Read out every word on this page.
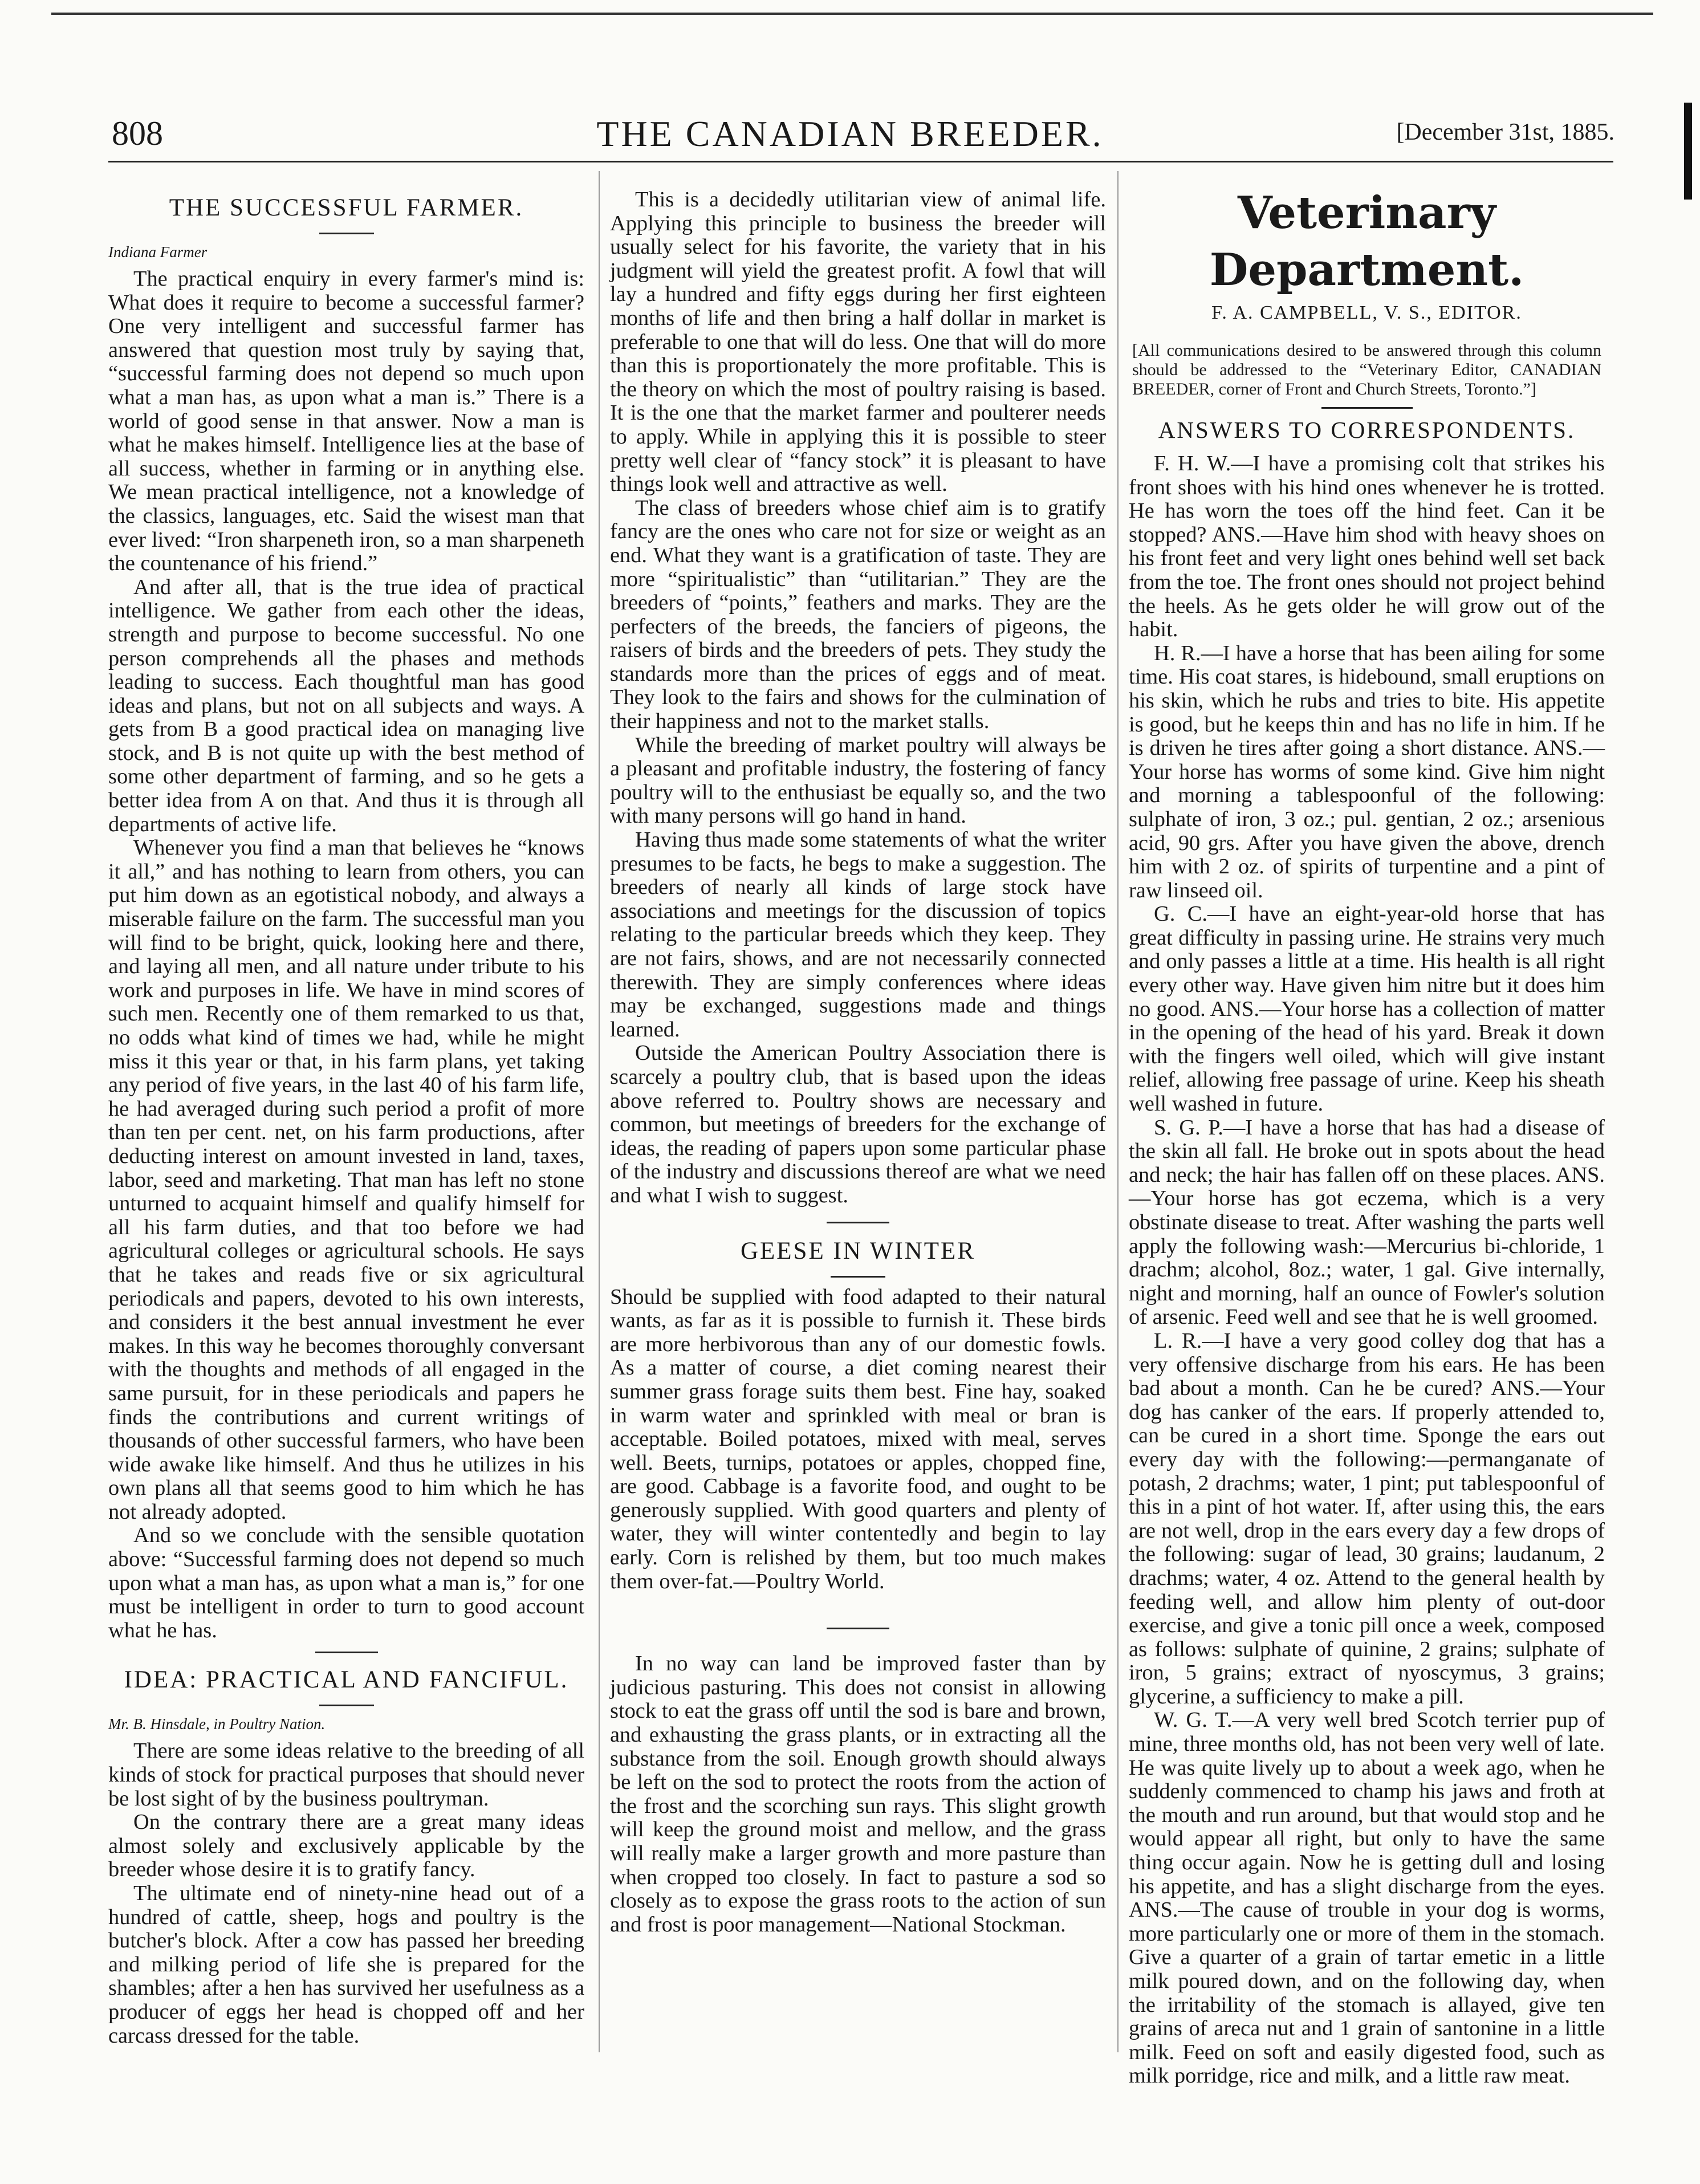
808	THE CANADIAN BREEDER.	[December 31st, 1885.
THE SUCCESSFUL FARMER.

Indiana Farmer

The practical enquiry in every farmer's mind is: What does it require to become a successful farmer? One very intelligent and successful farmer has answered that question most truly by saying that, “successful farming does not depend so much upon what a man has, as upon what a man is.” There is a world of good sense in that answer. Now a man is what he makes himself. Intelligence lies at the base of all success, whether in farming or in anything else. We mean practical intelligence, not a knowledge of the classics, languages, etc. Said the wisest man that ever lived: “Iron sharpeneth iron, so a man sharpeneth the countenance of his friend.”

And after all, that is the true idea of practical intelligence. We gather from each other the ideas, strength and purpose to become successful. No one person comprehends all the phases and methods leading to success. Each thoughtful man has good ideas and plans, but not on all subjects and ways. A gets from B a good practical idea on managing live stock, and B is not quite up with the best method of some other department of farming, and so he gets a better idea from A on that. And thus it is through all departments of active life.

Whenever you find a man that believes he “knows it all,” and has nothing to learn from others, you can put him down as an egotistical nobody, and always a miserable failure on the farm. The successful man you will find to be bright, quick, looking here and there, and laying all men, and all nature under tribute to his work and purposes in life. We have in mind scores of such men. Recently one of them remarked to us that, no odds what kind of times we had, while he might miss it this year or that, in his farm plans, yet taking any period of five years, in the last 40 of his farm life, he had averaged during such period a profit of more than ten per cent. net, on his farm productions, after deducting interest on amount invested in land, taxes, labor, seed and marketing. That man has left no stone unturned to acquaint himself and qualify himself for all his farm duties, and that too before we had agricultural colleges or agricultural schools. He says that he takes and reads five or six agricultural periodicals and papers, devoted to his own interests, and considers it the best annual investment he ever makes. In this way he becomes thoroughly conversant with the thoughts and methods of all engaged in the same pursuit, for in these periodicals and papers he finds the contributions and current writings of thousands of other successful farmers, who have been wide awake like himself. And thus he utilizes in his own plans all that seems good to him which he has not already adopted.

And so we conclude with the sensible quotation above: “Successful farming does not depend so much upon what a man has, as upon what a man is,” for one must be intelligent in order to turn to good account what he has.

IDEA: PRACTICAL AND FANCIFUL.

Mr. B. Hinsdale, in Poultry Nation.

There are some ideas relative to the breeding of all kinds of stock for practical purposes that should never be lost sight of by the business poultryman.

On the contrary there are a great many ideas almost solely and exclusively applicable by the breeder whose desire it is to gratify fancy.

The ultimate end of ninety-nine head out of a hundred of cattle, sheep, hogs and poultry is the butcher's block. After a cow has passed her breeding and milking period of life she is prepared for the shambles; after a hen has survived her usefulness as a producer of eggs her head is chopped off and her carcass dressed for the table.

This is a decidedly utilitarian view of animal life. Applying this principle to business the breeder will usually select for his favorite, the variety that in his judgment will yield the greatest profit. A fowl that will lay a hundred and fifty eggs during her first eighteen months of life and then bring a half dollar in market is preferable to one that will do less. One that will do more than this is proportionately the more profitable. This is the theory on which the most of poultry raising is based. It is the one that the market farmer and poulterer needs to apply. While in applying this it is possible to steer pretty well clear of “fancy stock” it is pleasant to have things look well and attractive as well.

The class of breeders whose chief aim is to gratify fancy are the ones who care not for size or weight as an end. What they want is a gratification of taste. They are more “spiritualistic” than “utilitarian.” They are the breeders of “points,” feathers and marks. They are the perfecters of the breeds, the fanciers of pigeons, the raisers of birds and the breeders of pets. They study the standards more than the prices of eggs and of meat. They look to the fairs and shows for the culmination of their happiness and not to the market stalls.

While the breeding of market poultry will always be a pleasant and profitable industry, the fostering of fancy poultry will to the enthusiast be equally so, and the two with many persons will go hand in hand.

Having thus made some statements of what the writer presumes to be facts, he begs to make a suggestion. The breeders of nearly all kinds of large stock have associations and meetings for the discussion of topics relating to the particular breeds which they keep. They are not fairs, shows, and are not necessarily connected therewith. They are simply conferences where ideas may be exchanged, suggestions made and things learned.

Outside the American Poultry Association there is scarcely a poultry club, that is based upon the ideas above referred to. Poultry shows are necessary and common, but meetings of breeders for the exchange of ideas, the reading of papers upon some particular phase of the industry and discussions thereof are what we need and what I wish to suggest.

GEESE IN WINTER

Should be supplied with food adapted to their natural wants, as far as it is possible to furnish it. These birds are more herbivorous than any of our domestic fowls. As a matter of course, a diet coming nearest their summer grass forage suits them best. Fine hay, soaked in warm water and sprinkled with meal or bran is acceptable. Boiled potatoes, mixed with meal, serves well. Beets, turnips, potatoes or apples, chopped fine, are good. Cabbage is a favorite food, and ought to be generously supplied. With good quarters and plenty of water, they will winter contentedly and begin to lay early. Corn is relished by them, but too much makes them over-fat.—Poultry World.

In no way can land be improved faster than by judicious pasturing. This does not consist in allowing stock to eat the grass off until the sod is bare and brown, and exhausting the grass plants, or in extracting all the substance from the soil. Enough growth should always be left on the sod to protect the roots from the action of the frost and the scorching sun rays. This slight growth will keep the ground moist and mellow, and the grass will really make a larger growth and more pasture than when cropped too closely. In fact to pasture a sod so closely as to expose the grass roots to the action of sun and frost is poor management—National Stockman.

Veterinary Department.
F. A. CAMPBELL, V. S., EDITOR.

[All communications desired to be answered through this column should be addressed to the “Veterinary Editor, CANADIAN BREEDER, corner of Front and Church Streets, Toronto.”]

ANSWERS TO CORRESPONDENTS.

F. H. W.—I have a promising colt that strikes his front shoes with his hind ones whenever he is trotted. He has worn the toes off the hind feet. Can it be stopped? ANS.—Have him shod with heavy shoes on his front feet and very light ones behind well set back from the toe. The front ones should not project behind the heels. As he gets older he will grow out of the habit.

H. R.—I have a horse that has been ailing for some time. His coat stares, is hidebound, small eruptions on his skin, which he rubs and tries to bite. His appetite is good, but he keeps thin and has no life in him. If he is driven he tires after going a short distance. ANS.—Your horse has worms of some kind. Give him night and morning a tablespoonful of the following: sulphate of iron, 3 oz.; pul. gentian, 2 oz.; arsenious acid, 90 grs. After you have given the above, drench him with 2 oz. of spirits of turpentine and a pint of raw linseed oil.

G. C.—I have an eight-year-old horse that has great difficulty in passing urine. He strains very much and only passes a little at a time. His health is all right every other way. Have given him nitre but it does him no good. ANS.—Your horse has a collection of matter in the opening of the head of his yard. Break it down with the fingers well oiled, which will give instant relief, allowing free passage of urine. Keep his sheath well washed in future.

S. G. P.—I have a horse that has had a disease of the skin all fall. He broke out in spots about the head and neck; the hair has fallen off on these places. ANS.—Your horse has got eczema, which is a very obstinate disease to treat. After washing the parts well apply the following wash:—Mercurius bi-chloride, 1 drachm; alcohol, 8oz.; water, 1 gal. Give internally, night and morning, half an ounce of Fowler's solution of arsenic. Feed well and see that he is well groomed.

L. R.—I have a very good colley dog that has a very offensive discharge from his ears. He has been bad about a month. Can he be cured? ANS.—Your dog has canker of the ears. If properly attended to, can be cured in a short time. Sponge the ears out every day with the following:—permanganate of potash, 2 drachms; water, 1 pint; put tablespoonful of this in a pint of hot water. If, after using this, the ears are not well, drop in the ears every day a few drops of the following: sugar of lead, 30 grains; laudanum, 2 drachms; water, 4 oz. Attend to the general health by feeding well, and allow him plenty of out-door exercise, and give a tonic pill once a week, composed as follows: sulphate of quinine, 2 grains; sulphate of iron, 5 grains; extract of nyoscymus, 3 grains; glycerine, a sufficiency to make a pill.

W. G. T.—A very well bred Scotch terrier pup of mine, three months old, has not been very well of late. He was quite lively up to about a week ago, when he suddenly commenced to champ his jaws and froth at the mouth and run around, but that would stop and he would appear all right, but only to have the same thing occur again. Now he is getting dull and losing his appetite, and has a slight discharge from the eyes. ANS.—The cause of trouble in your dog is worms, more particularly one or more of them in the stomach. Give a quarter of a grain of tartar emetic in a little milk poured down, and on the following day, when the irritability of the stomach is allayed, give ten grains of areca nut and 1 grain of santonine in a little milk. Feed on soft and easily digested food, such as milk porridge, rice and milk, and a little raw meat.
